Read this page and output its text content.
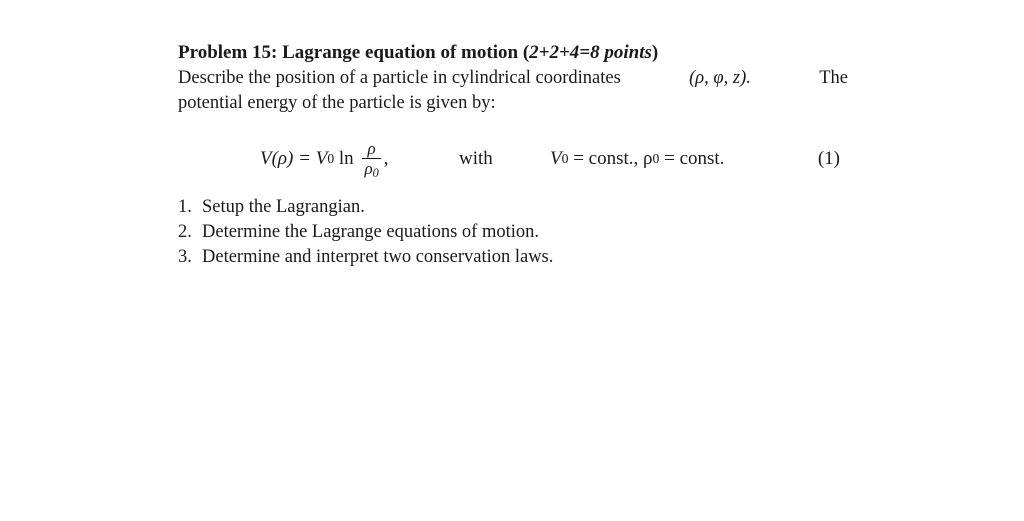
Problem 15: Lagrange equation of motion (2+2+4=8 points)
Describe the position of a particle in cylindrical coordinates	(ρ, φ, z).	The
potential energy of the particle is given by:
V(ρ) = V 0 $\ln \frac{\rho}{\rho_0}$ ,	with	V 0 = const., ρ 0 = const.	(1)
1. Setup the Lagrangian.
2. Determine the Lagrange equations of motion.
3. Determine and interpret two conservation laws.
